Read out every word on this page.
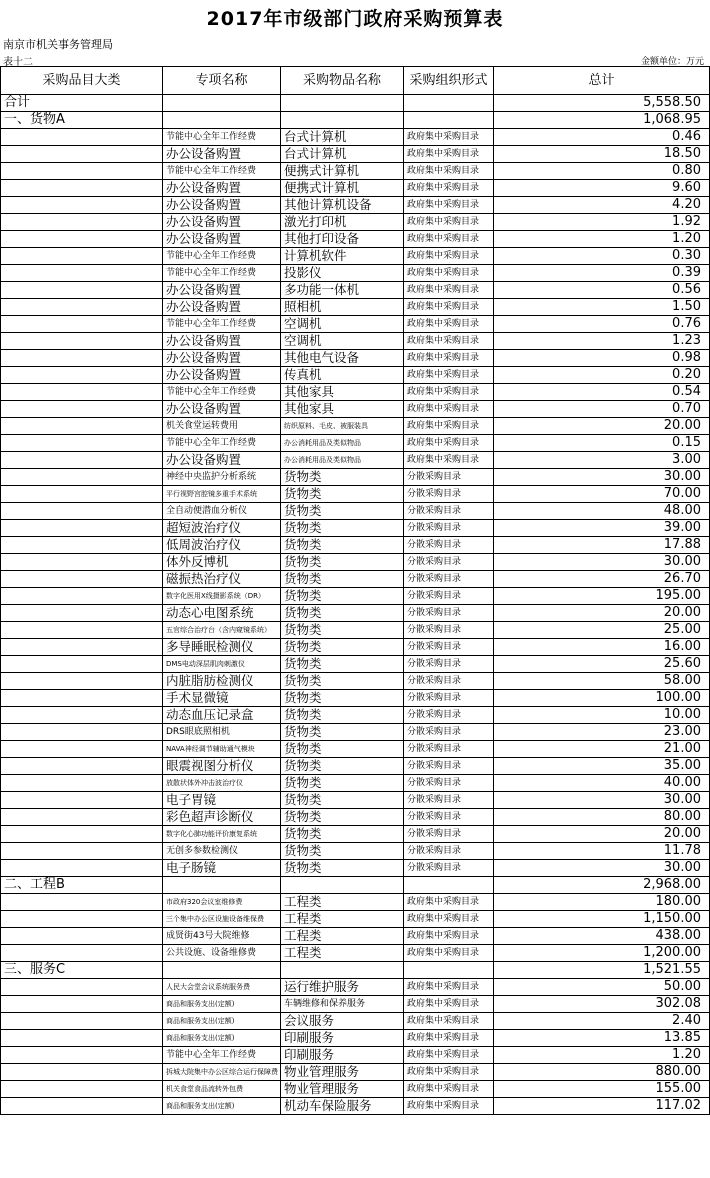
2017年市级部门政府采购预算表
南京市机关事务管理局
表十二	金额单位：万元
采购品目大类	专项名称	采购物品名称	采购组织形式	总计
合计				5,558.50
一、货物A				1,068.95
	节能中心全年工作经费	台式计算机	政府集中采购目录	0.46
	办公设备购置	台式计算机	政府集中采购目录	18.50
	节能中心全年工作经费	便携式计算机	政府集中采购目录	0.80
	办公设备购置	便携式计算机	政府集中采购目录	9.60
	办公设备购置	其他计算机设备	政府集中采购目录	4.20
	办公设备购置	激光打印机	政府集中采购目录	1.92
	办公设备购置	其他打印设备	政府集中采购目录	1.20
	节能中心全年工作经费	计算机软件	政府集中采购目录	0.30
	节能中心全年工作经费	投影仪	政府集中采购目录	0.39
	办公设备购置	多功能一体机	政府集中采购目录	0.56
	办公设备购置	照相机	政府集中采购目录	1.50
	节能中心全年工作经费	空调机	政府集中采购目录	0.76
	办公设备购置	空调机	政府集中采购目录	1.23
	办公设备购置	其他电气设备	政府集中采购目录	0.98
	办公设备购置	传真机	政府集中采购目录	0.20
	节能中心全年工作经费	其他家具	政府集中采购目录	0.54
	办公设备购置	其他家具	政府集中采购目录	0.70
	机关食堂运转费用	纺织原料、毛皮、被服装具	政府集中采购目录	20.00
	节能中心全年工作经费	办公消耗用品及类似物品	政府集中采购目录	0.15
	办公设备购置	办公消耗用品及类似物品	政府集中采购目录	3.00
	神经中央监护分析系统	货物类	分散采购目录	30.00
	平行视野宫腔镜多重手术系统	货物类	分散采购目录	70.00
	全自动便潜血分析仪	货物类	分散采购目录	48.00
	超短波治疗仪	货物类	分散采购目录	39.00
	低周波治疗仪	货物类	分散采购目录	17.88
	体外反博机	货物类	分散采购目录	30.00
	磁振热治疗仪	货物类	分散采购目录	26.70
	数字化医用X线摄影系统（DR）	货物类	分散采购目录	195.00
	动态心电图系统	货物类	分散采购目录	20.00
	五官综合治疗台（含内窥镜系统）	货物类	分散采购目录	25.00
	多导睡眠检测仪	货物类	分散采购目录	16.00
	DMS电动深层肌肉刺激仪	货物类	分散采购目录	25.60
	内脏脂肪检测仪	货物类	分散采购目录	58.00
	手术显微镜	货物类	分散采购目录	100.00
	动态血压记录盒	货物类	分散采购目录	10.00
	DRS眼底照相机	货物类	分散采购目录	23.00
	NAVA神经调节辅助通气模块	货物类	分散采购目录	21.00
	眼震视图分析仪	货物类	分散采购目录	35.00
	放散状体外冲击波治疗仪	货物类	分散采购目录	40.00
	电子胃镜	货物类	分散采购目录	30.00
	彩色超声诊断仪	货物类	分散采购目录	80.00
	数字化心肺功能评价康复系统	货物类	分散采购目录	20.00
	无创多参数检测仪	货物类	分散采购目录	11.78
	电子肠镜	货物类	分散采购目录	30.00
二、工程B				2,968.00
	市政府320会议室维修费	工程类	政府集中采购目录	180.00
	三个集中办公区设施设备维保费	工程类	政府集中采购目录	1,150.00
	成贤街43号大院维修	工程类	政府集中采购目录	438.00
	公共设施、设备维修费	工程类	政府集中采购目录	1,200.00
三、服务C				1,521.55
	人民大会堂会议系统服务费	运行维护服务	政府集中采购目录	50.00
	商品和服务支出(定额)	车辆维修和保养服务	政府集中采购目录	302.08
	商品和服务支出(定额)	会议服务	政府集中采购目录	2.40
	商品和服务支出(定额)	印刷服务	政府集中采购目录	13.85
	节能中心全年工作经费	印刷服务	政府集中采购目录	1.20
	拆城大院集中办公区综合运行保障费	物业管理服务	政府集中采购目录	880.00
	机关食堂食品流转外包费	物业管理服务	政府集中采购目录	155.00
	商品和服务支出(定额)	机动车保险服务	政府集中采购目录	117.02
